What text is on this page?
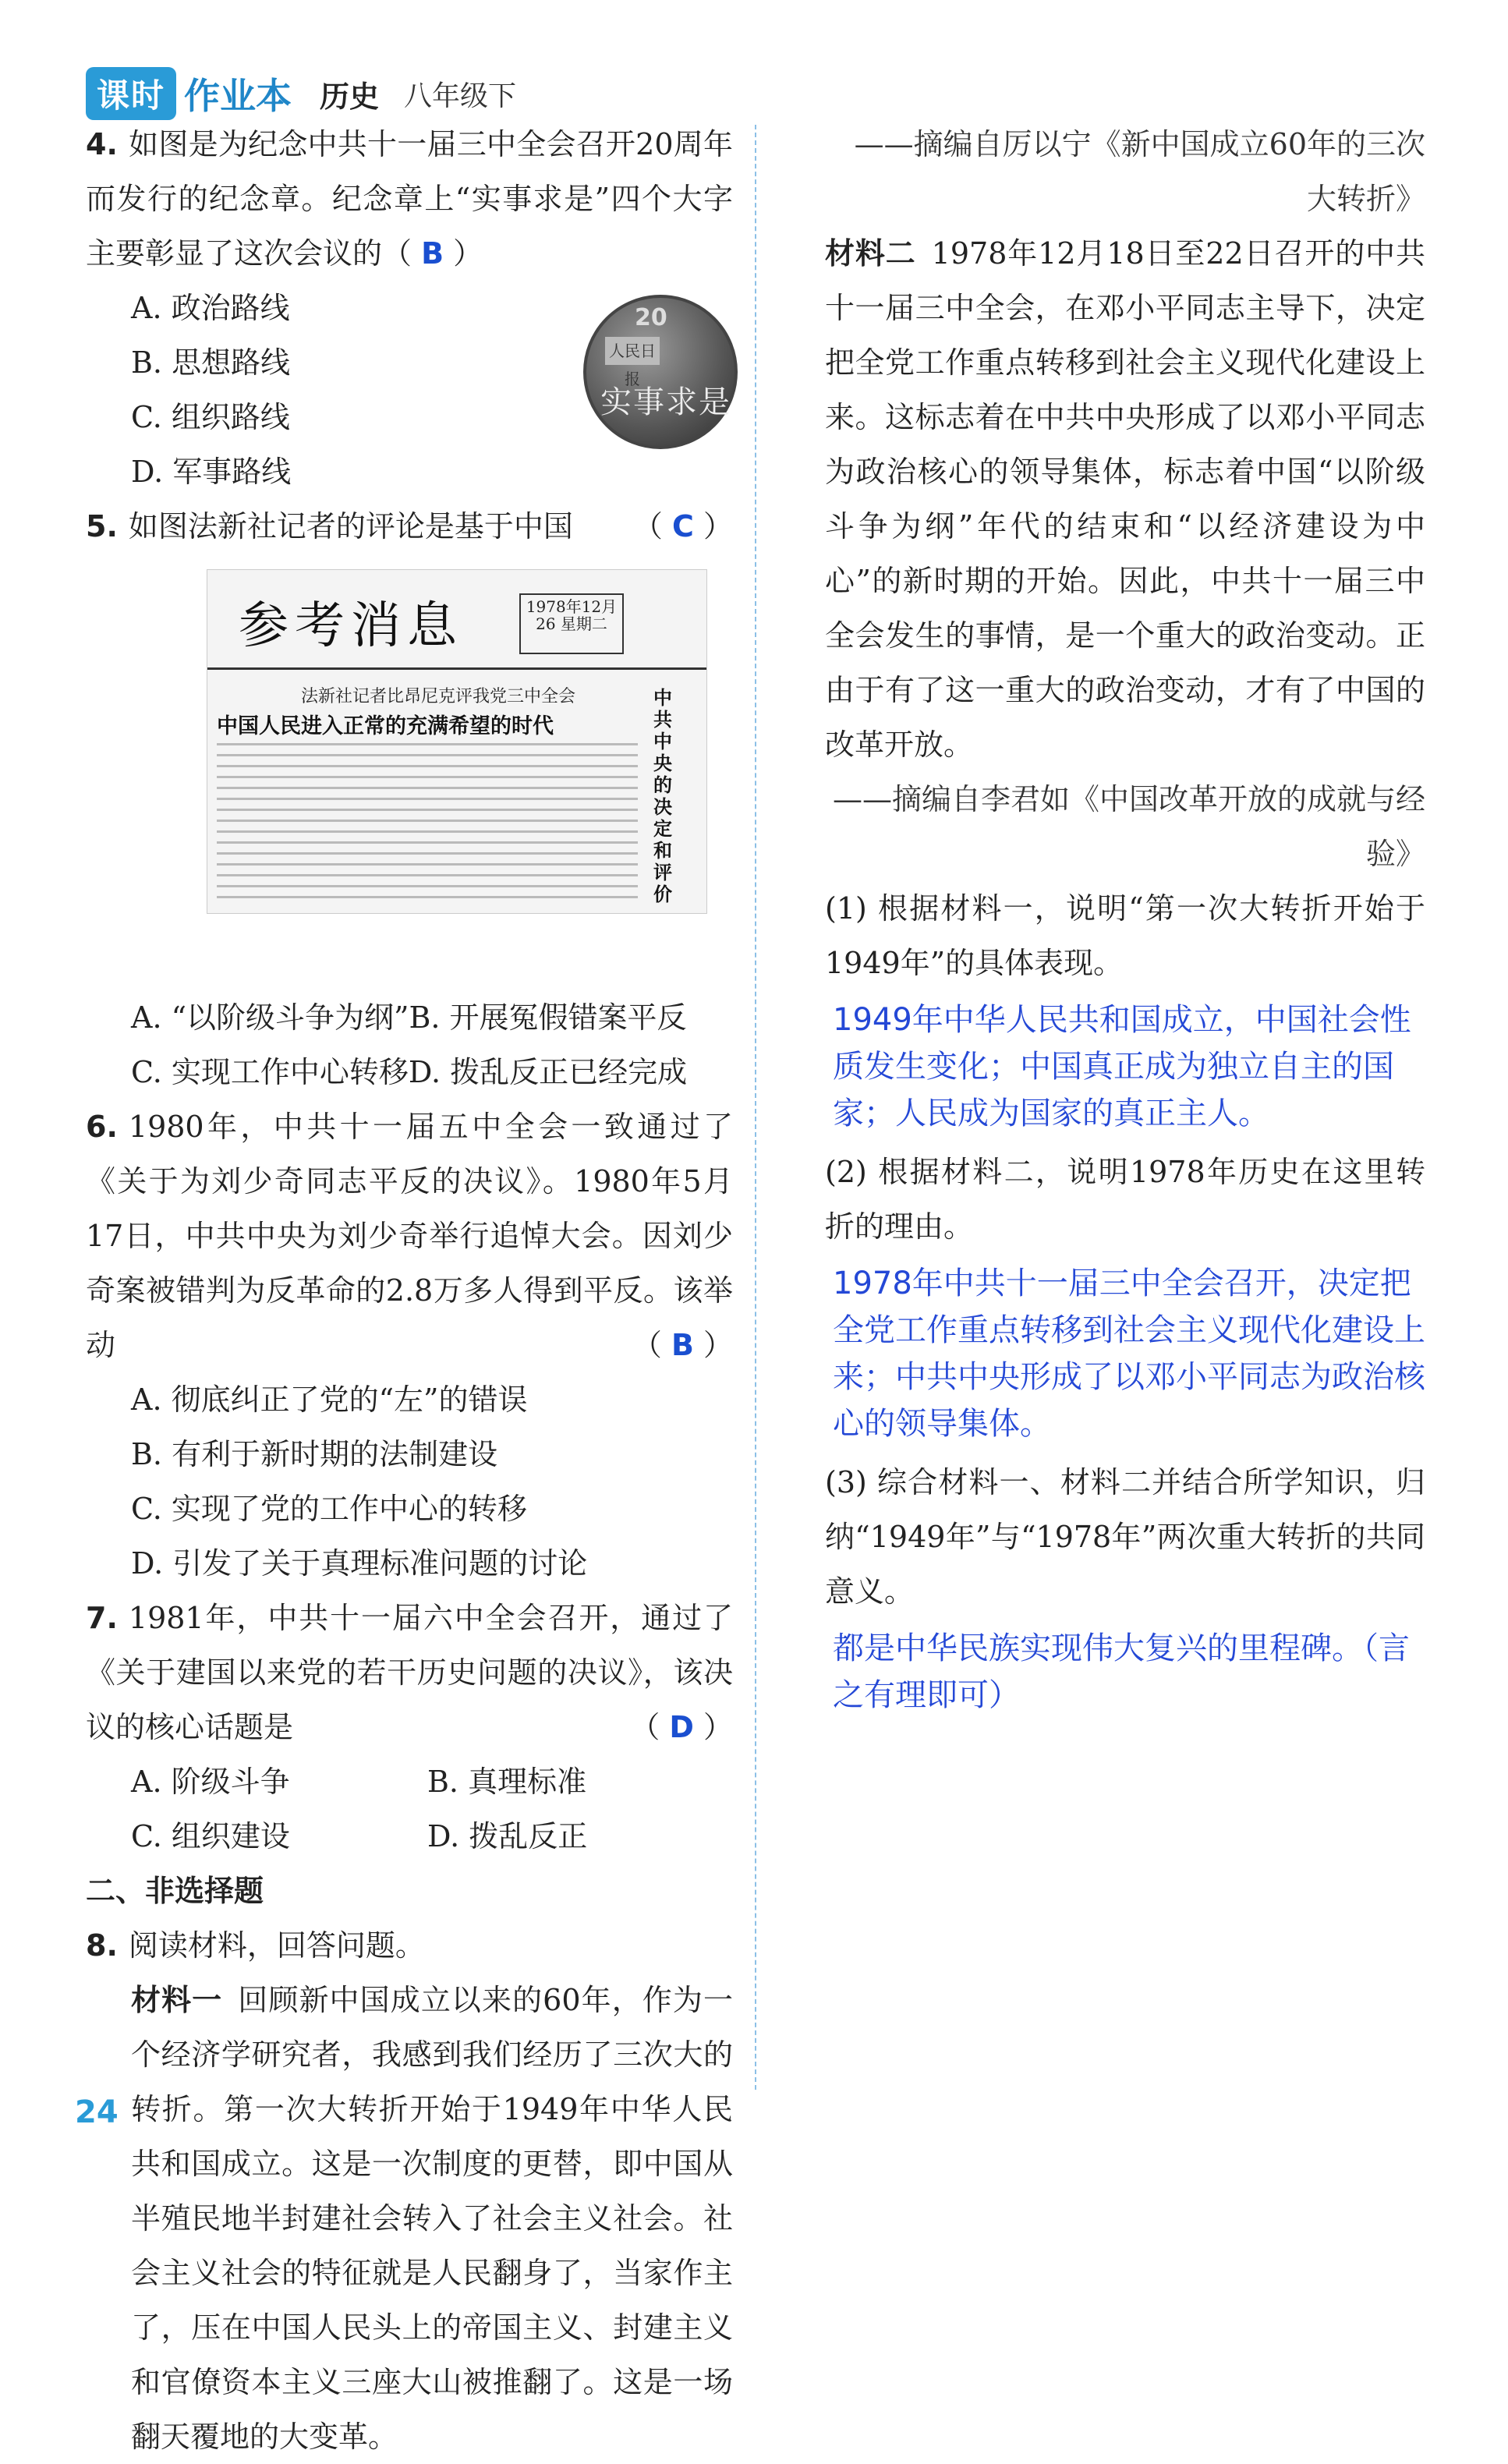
课时 作业本 历史 八年级下

4. 如图是为纪念中共十一届三中全会召开20周年而发行的纪念章。纪念章上“实事求是”四个大字主要彰显了这次会议的（ B ）

A. 政治路线

B. 思想路线

C. 组织路线

D. 军事路线

5. 如图法新社记者的评论是基于中国 （ C ）

A. “以阶级斗争为纲”B. 开展冤假错案平反

C. 实现工作中心转移D. 拨乱反正已经完成

6. 1980年，中共十一届五中全会一致通过了《关于为刘少奇同志平反的决议》。1980年5月17日，中共中央为刘少奇举行追悼大会。因刘少奇案被错判为反革命的2.8万多人得到平反。该举动	（ B ）

A. 彻底纠正了党的“左”的错误

B. 有利于新时期的法制建设

C. 实现了党的工作中心的转移

D. 引发了关于真理标准问题的讨论

7. 1981年，中共十一届六中全会召开，通过了《关于建国以来党的若干历史问题的决议》，该决议的核心话题是	（ D ）

A. 阶级斗争	B. 真理标准
C. 组织建设	D. 拨乱反正

二、非选择题

8. 阅读材料，回答问题。

材料一 回顾新中国成立以来的60年，作为一个经济学研究者，我感到我们经历了三次大的转折。第一次大转折开始于1949年中华人民共和国成立。这是一次制度的更替，即中国从半殖民地半封建社会转入了社会主义社会。社会主义社会的特征就是人民翻身了，当家作主了，压在中国人民头上的帝国主义、封建主义和官僚资本主义三座大山被推翻了。这是一场翻天覆地的大变革。

——摘编自厉以宁《新中国成立60年的三次大转折》

材料二 1978年12月18日至22日召开的中共十一届三中全会，在邓小平同志主导下，决定把全党工作重点转移到社会主义现代化建设上来。这标志着在中共中央形成了以邓小平同志为政治核心的领导集体，标志着中国“以阶级斗争为纲”年代的结束和“以经济建设为中心”的新时期的开始。因此，中共十一届三中全会发生的事情，是一个重大的政治变动。正由于有了这一重大的政治变动，才有了中国的改革开放。

——摘编自李君如《中国改革开放的成就与经验》

(1) 根据材料一，说明“第一次大转折开始于1949年”的具体表现。

1949年中华人民共和国成立，中国社会性质发生变化；中国真正成为独立自主的国家；人民成为国家的真正主人。

(2) 根据材料二，说明1978年历史在这里转折的理由。

1978年中共十一届三中全会召开，决定把全党工作重点转移到社会主义现代化建设上来；中共中央形成了以邓小平同志为政治核心的领导集体。

(3) 综合材料一、材料二并结合所学知识，归纳“1949年”与“1978年”两次重大转折的共同意义。

都是中华民族实现伟大复兴的里程碑。（言之有理即可）

20
人民日报
实事求是
参考消息	1978年12月 26 星期二
法新社记者比昂尼克评我党三中全会
中国人民进入正常的充满希望的时代
中共中央的决定和评价
24
